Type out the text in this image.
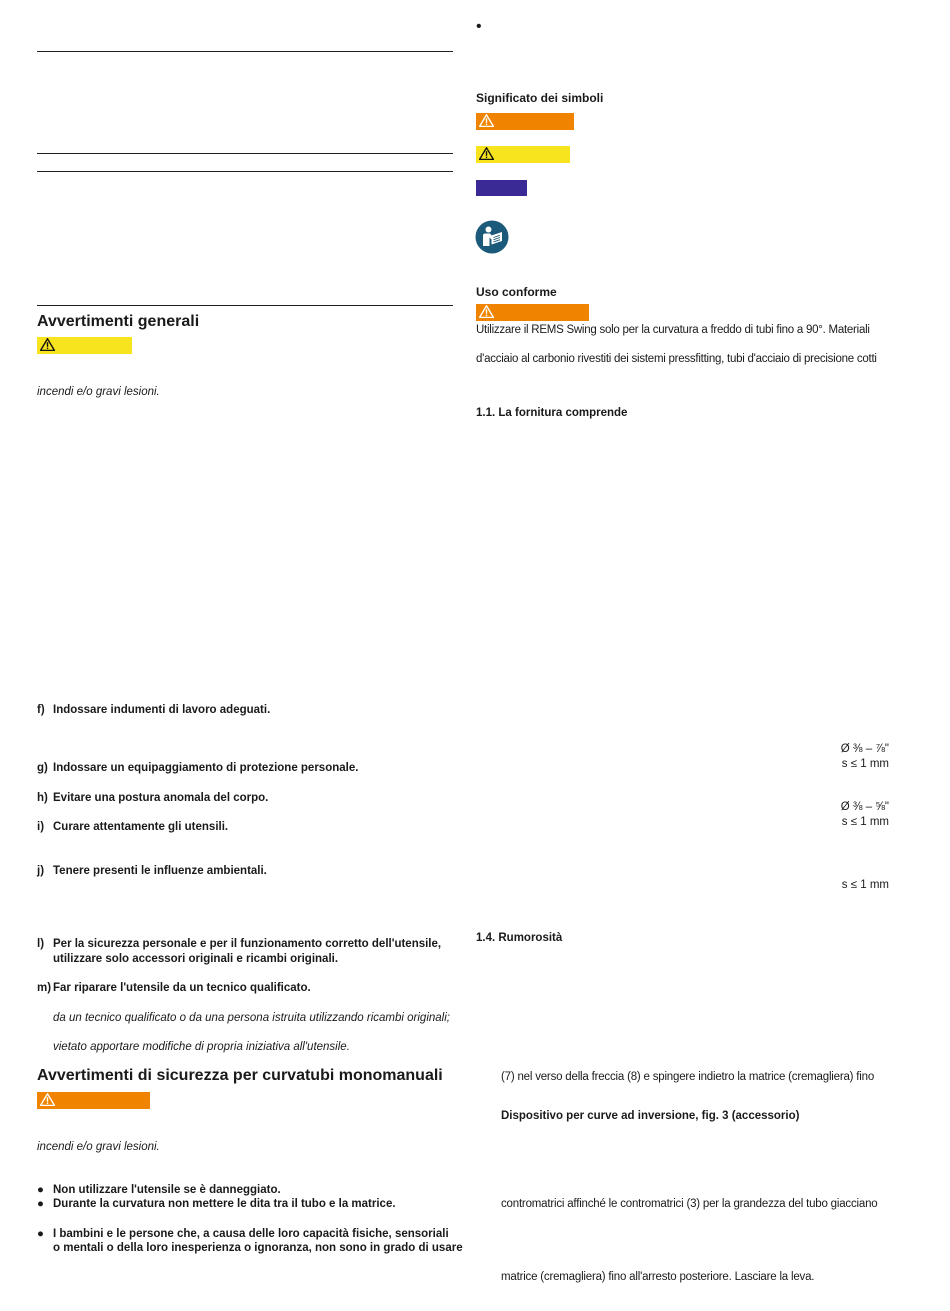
Avvertimenti generali
incendi e/o gravi lesioni.
f) Indossare indumenti di lavoro adeguati.
g) Indossare un equipaggiamento di protezione personale.
h) Evitare una postura anomala del corpo.
i) Curare attentamente gli utensili.
j) Tenere presenti le influenze ambientali.
l) Per la sicurezza personale e per il funzionamento corretto dell'utensile,
utilizzare solo accessori originali e ricambi originali.
m) Far riparare l'utensile da un tecnico qualificato.
da un tecnico qualificato o da una persona istruita utilizzando ricambi originali;
vietato apportare modifiche di propria iniziativa all'utensile.
Avvertimenti di sicurezza per curvatubi monomanuali
incendi e/o gravi lesioni.
● Non utilizzare l'utensile se è danneggiato.
● Durante la curvatura non mettere le dita tra il tubo e la matrice.
● I bambini e le persone che, a causa delle loro capacità fisiche, sensoriali
o mentali o della loro inesperienza o ignoranza, non sono in grado di usare
•
Significato dei simboli
Uso conforme
Utilizzare il REMS Swing solo per la curvatura a freddo di tubi fino a 90°. Materiali
d'acciaio al carbonio rivestiti dei sistemi pressfitting, tubi d'acciaio di precisione cotti
1.1. La fornitura comprende
Ø ⅜ – ⅞"
s ≤ 1 mm
Ø ⅜ – ⅝"
s ≤ 1 mm
s ≤ 1 mm
1.4. Rumorosità
(7) nel verso della freccia (8) e spingere indietro la matrice (cremagliera) fino
Dispositivo per curve ad inversione, fig. 3 (accessorio)
contromatrici affinché le contromatrici (3) per la grandezza del tubo giacciano
matrice (cremagliera) fino all'arresto posteriore. Lasciare la leva.
